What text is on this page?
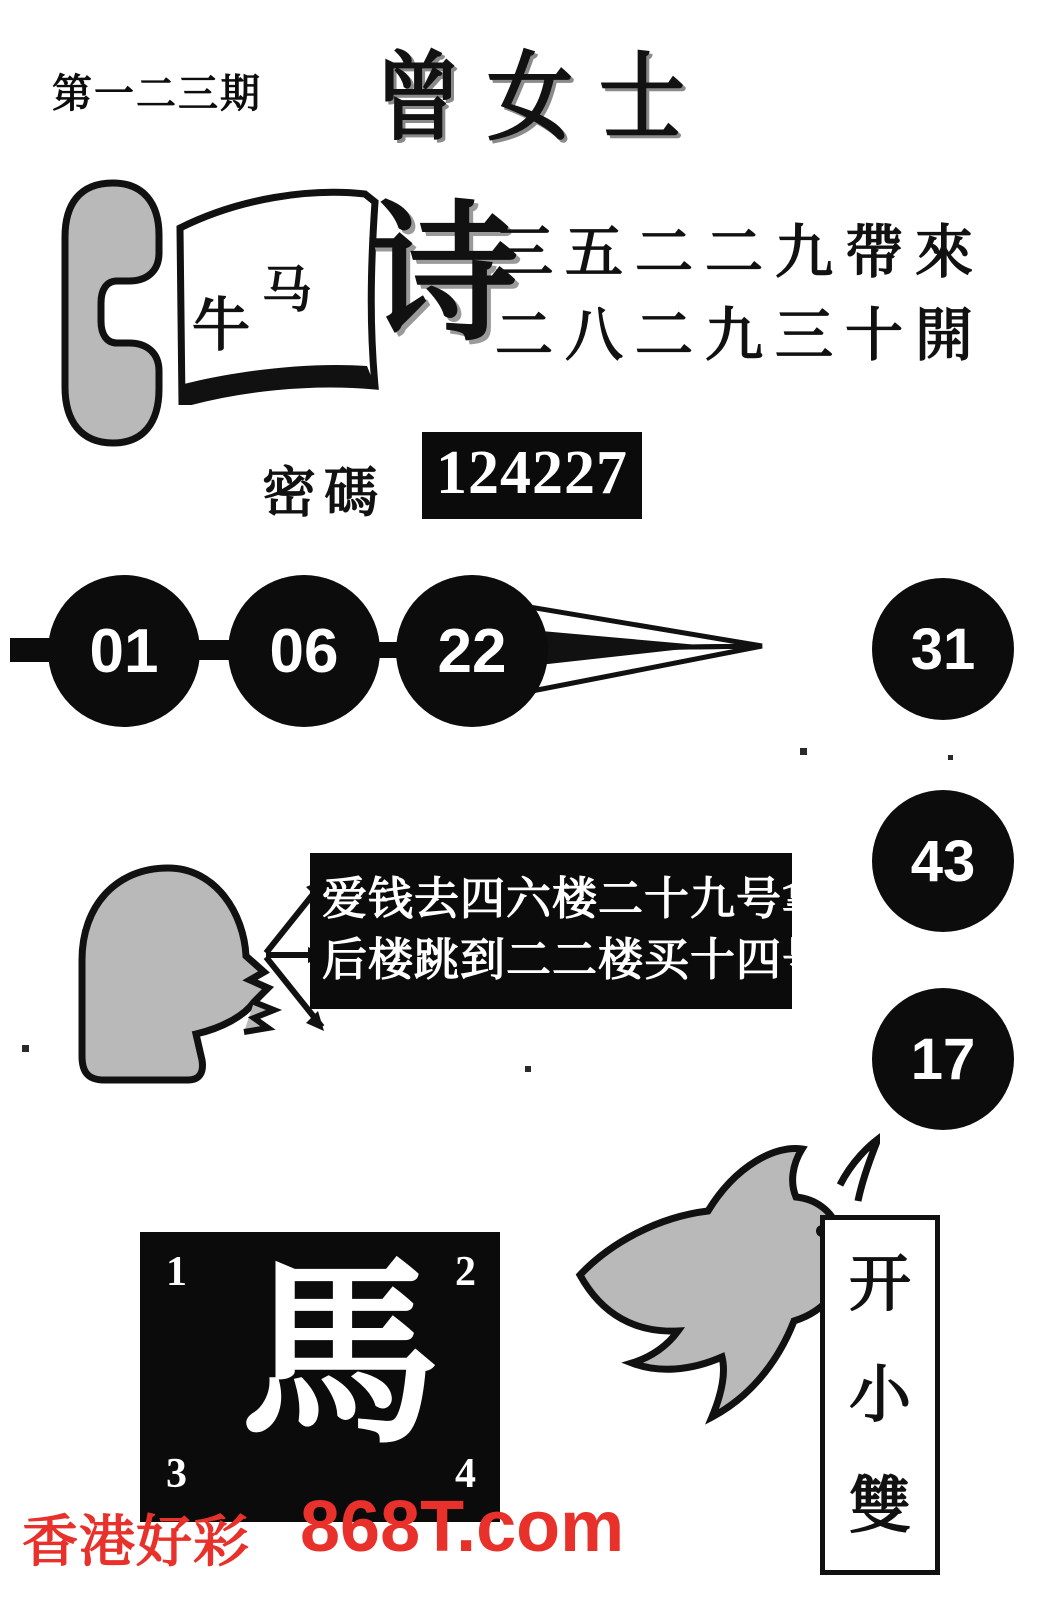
第一二三期 曾女士
牛
马 诗
三五二二九帶來
二八二九三十開
密碼 124227
01	06	22	31
43
17
爱钱去四六楼二十九号拿
后楼跳到二二楼买十四号
馬
1	2
3	4
开
小
雙
香港好彩 868T.com
